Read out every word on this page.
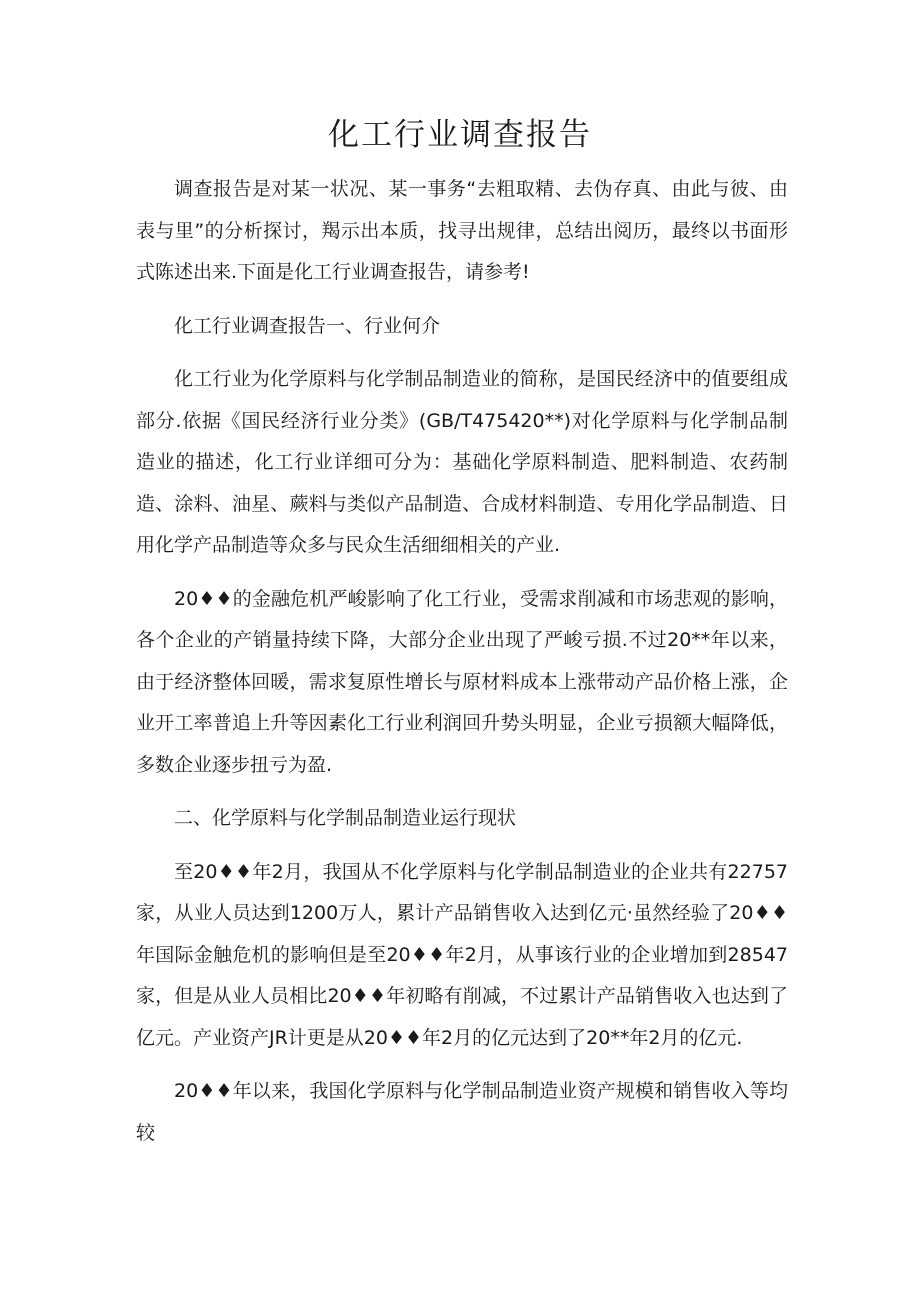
化工行业调查报告

调查报告是对某一状况、某一事务“去粗取精、去伪存真、由此与彼、由表与里”的分析探讨，羯示出本质，找寻出规律，总结出阅历，最终以书面形式陈述出来.下面是化工行业调查报告，请参考!

化工行业调查报告一、行业何介

化工行业为化学原料与化学制品制造业的简称，是国民经济中的值要组成部分.依据《国民经济行业分类》(GB/T475420**)对化学原料与化学制品制造业的描述，化工行业详细可分为：基础化学原料制造、肥料制造、农药制造、涂料、油星、蕨料与类似产品制造、合成材料制造、专用化学品制造、日用化学产品制造等众多与民众生活细细相关的产业.

20♦♦的金融危机严峻影响了化工行业，受需求削减和市场悲观的影响，各个企业的产销量持续下降，大部分企业出现了严峻亏损.不过20**年以来，由于经济整体回暖，需求复原性增长与原材料成本上涨带动产品价格上涨，企业开工率普追上升等因素化工行业利润回升势头明显，企业亏损额大幅降低，多数企业逐步扭亏为盈.

二、化学原料与化学制品制造业运行现状

至20♦♦年2月，我国从不化学原料与化学制品制造业的企业共有22757家，从业人员达到1200万人，累计产品销售收入达到亿元·虽然经验了20♦♦年国际金触危机的影响但是至20♦♦年2月，从事该行业的企业增加到28547家，但是从业人员相比20♦♦年初略有削减，不过累计产品销售收入也达到了亿元。产业资产JR计更是从20♦♦年2月的亿元达到了20**年2月的亿元.

20♦♦年以来，我国化学原料与化学制品制造业资产规模和销售收入等均较
